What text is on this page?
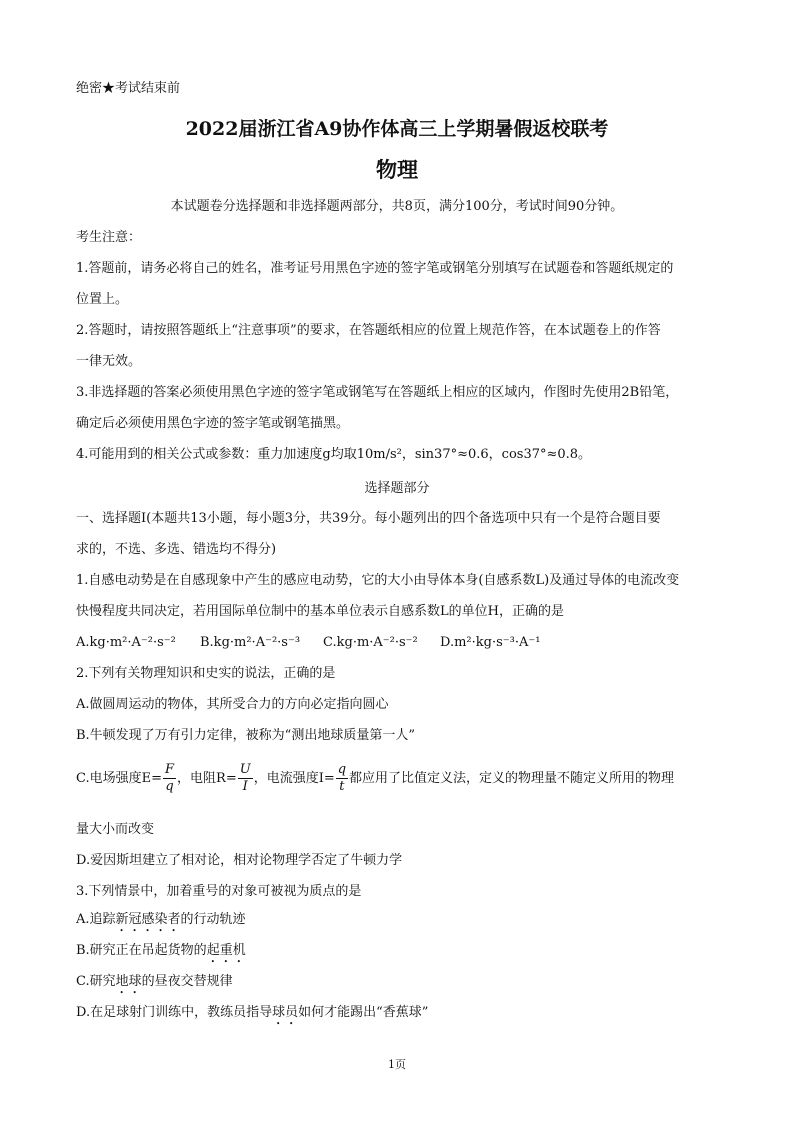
绝密★考试结束前
2022届浙江省A9协作体高三上学期暑假返校联考
物理
本试题卷分选择题和非选择题两部分，共8页，满分100分，考试时间90分钟。
考生注意：
1.答题前，请务必将自己的姓名，准考证号用黑色字迹的签字笔或钢笔分别填写在试题卷和答题纸规定的
位置上。
2.答题时，请按照答题纸上“注意事项”的要求，在答题纸相应的位置上规范作答，在本试题卷上的作答
一律无效。
3.非选择题的答案必须使用黑色字迹的签字笔或钢笔写在答题纸上相应的区域内，作图时先使用2B铅笔，
确定后必须使用黑色字迹的签字笔或钢笔描黑。
4.可能用到的相关公式或参数：重力加速度g均取10m/s²，sin37°≈0.6，cos37°≈0.8。
选择题部分
一、选择题Ⅰ(本题共13小题，每小题3分，共39分。每小题列出的四个备选项中只有一个是符合题目要
求的，不选、多选、错选均不得分)
1.自感电动势是在自感现象中产生的感应电动势，它的大小由导体本身(自感系数L)及通过导体的电流改变
快慢程度共同决定，若用国际单位制中的基本单位表示自感系数L的单位H，正确的是
A.kg·m²·A⁻²·s⁻² B.kg·m²·A⁻²·s⁻³ C.kg·m·A⁻²·s⁻² D.m²·kg·s⁻³·A⁻¹
2.下列有关物理知识和史实的说法，正确的是
A.做圆周运动的物体，其所受合力的方向必定指向圆心
B.牛顿发现了万有引力定律，被称为“测出地球质量第一人”
C.电场强度$E= \frac{F}{q}$ ，电阻$R= \frac{U}{I}$ ，电流强度$I= \frac{q}{t}$ 都应用了比值定义法，定义的物理量不随定义所用的物理
量大小而改变
D.爱因斯坦建立了相对论，相对论物理学否定了牛顿力学
3.下列情景中，加着重号的对象可被视为质点的是
A.追踪新冠感染者的行动轨迹
B.研究正在吊起货物的起重机
C.研究地球的昼夜交替规律
D.在足球射门训练中，教练员指导球员如何才能踢出“香蕉球”
1页
